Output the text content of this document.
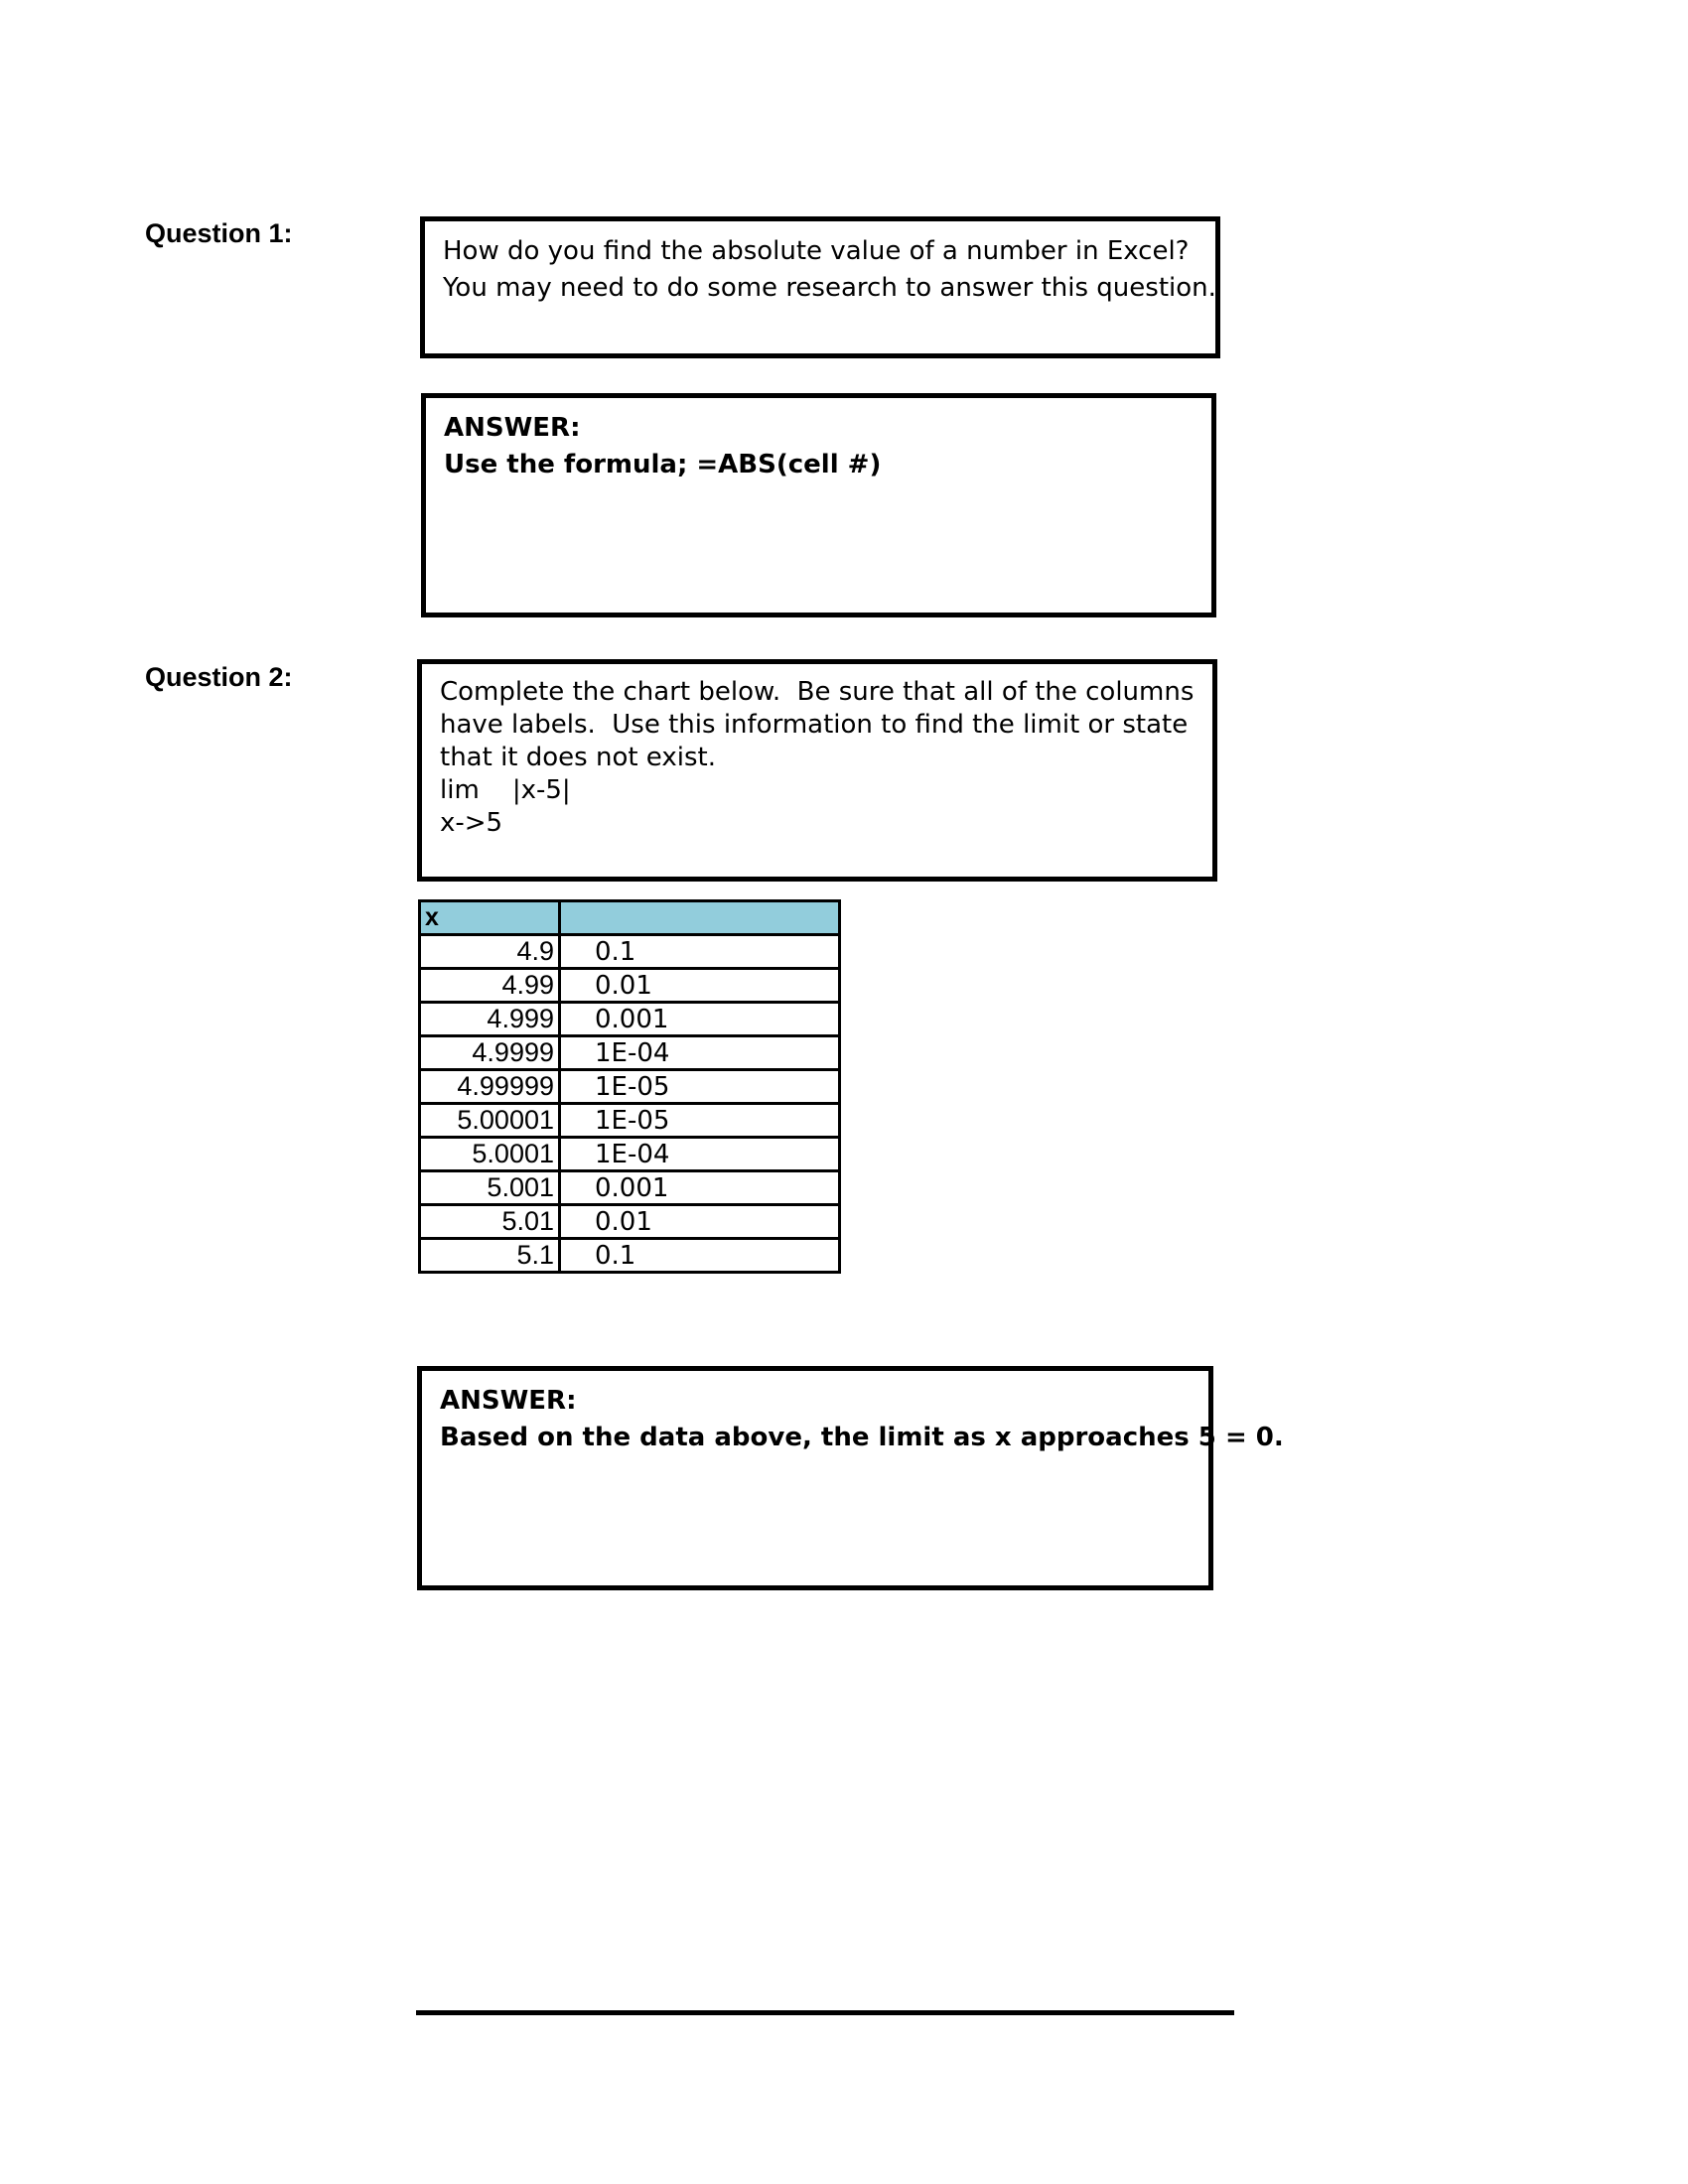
Question 1:
How do you find the absolute value of a number in Excel?
You may need to do some research to answer this question.
ANSWER:
Use the formula; =ABS(cell #)
Question 2:	Complete the chart below.  Be sure that all of the columns
have labels.  Use this information to find the limit or state
that it does not exist.
lim    |x-5|
x->5
x	
4.9	0.1
4.99	0.01
4.999	0.001
4.9999	1E-04
4.99999	1E-05
5.00001	1E-05
5.0001	1E-04
5.001	0.001
5.01	0.01
5.1	0.1
ANSWER:
Based on the data above, the limit as x approaches 5 = 0.
